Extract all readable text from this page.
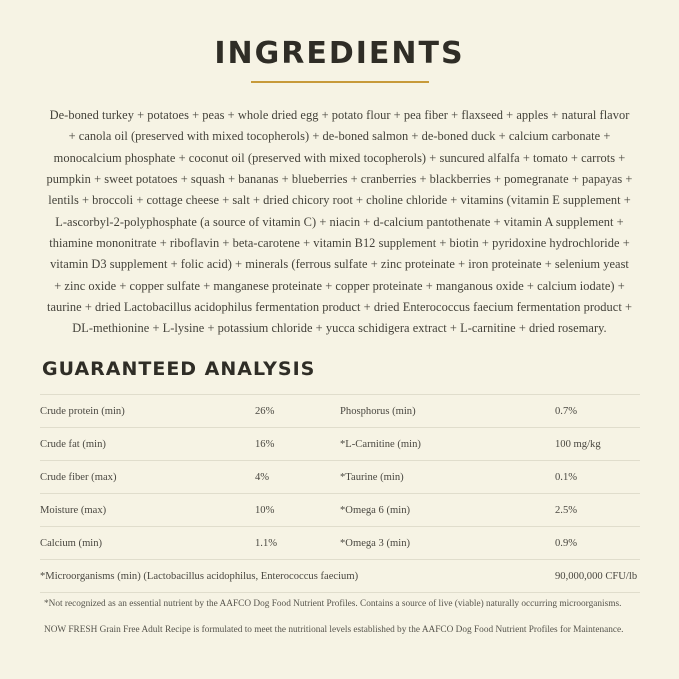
INGREDIENTS

De-boned turkey + potatoes + peas + whole dried egg + potato flour + pea fiber + flaxseed + apples + natural flavor + canola oil (preserved with mixed tocopherols) + de-boned salmon + de-boned duck + calcium carbonate + monocalcium phosphate + coconut oil (preserved with mixed tocopherols) + suncured alfalfa + tomato + carrots + pumpkin + sweet potatoes + squash + bananas + blueberries + cranberries + blackberries + pomegranate + papayas + lentils + broccoli + cottage cheese + salt + dried chicory root + choline chloride + vitamins (vitamin E supplement + L-ascorbyl-2-polyphosphate (a source of vitamin C) + niacin + d-calcium pantothenate + vitamin A supplement + thiamine mononitrate + riboflavin + beta-carotene + vitamin B12 supplement + biotin + pyridoxine hydrochloride + vitamin D3 supplement + folic acid) + minerals (ferrous sulfate + zinc proteinate + iron proteinate + selenium yeast + zinc oxide + copper sulfate + manganese proteinate + copper proteinate + manganous oxide + calcium iodate) + taurine + dried Lactobacillus acidophilus fermentation product + dried Enterococcus faecium fermentation product + DL-methionine + L-lysine + potassium chloride + yucca schidigera extract + L-carnitine + dried rosemary.

GUARANTEED ANALYSIS
Crude protein (min)	26%	Phosphorus (min)	0.7%
Crude fat (min)	16%	*L-Carnitine (min)	100 mg/kg
Crude fiber (max)	4%	*Taurine (min)	0.1%
Moisture (max)	10%	*Omega 6 (min)	2.5%
Calcium (min)	1.1%	*Omega 3 (min)	0.9%
*Microorganisms (min) (Lactobacillus acidophilus, Enterococcus faecium)			90,000,000 CFU/lb

*Not recognized as an essential nutrient by the AAFCO Dog Food Nutrient Profiles. Contains a source of live (viable) naturally occurring microorganisms.

NOW FRESH Grain Free Adult Recipe is formulated to meet the nutritional levels established by the AAFCO Dog Food Nutrient Profiles for Maintenance.
